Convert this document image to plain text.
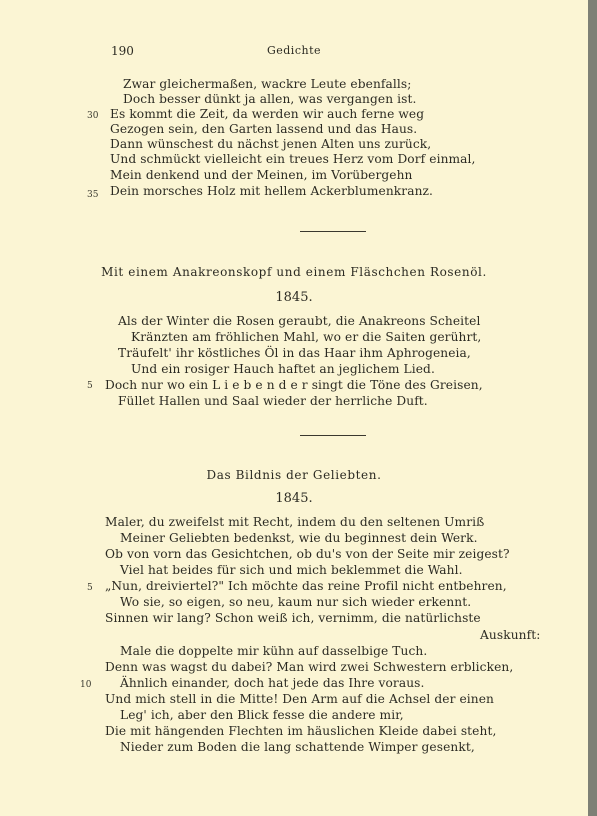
190	Gedichte
Zwar gleichermaßen, wackre Leute ebenfalls;
Doch besser dünkt ja allen, was vergangen ist.
30 Es kommt die Zeit, da werden wir auch ferne weg
Gezogen sein, den Garten lassend und das Haus.
Dann wünschest du nächst jenen Alten uns zurück,
Und schmückt vielleicht ein treues Herz vom Dorf einmal,
Mein denkend und der Meinen, im Vorübergehn
35 Dein morsches Holz mit hellem Ackerblumenkranz.
Mit einem Anakreonskopf und einem Fläschchen Rosenöl.
1845.
Als der Winter die Rosen geraubt, die Anakreons Scheitel
Kränzten am fröhlichen Mahl, wo er die Saiten gerührt,
Träufelt' ihr köstliches Öl in das Haar ihm Aphrogeneia,
Und ein rosiger Hauch haftet an jeglichem Lied.
5 Doch nur wo ein L i e b e n d e r singt die Töne des Greisen,
Füllet Hallen und Saal wieder der herrliche Duft.
Das Bildnis der Geliebten.
1845.
Maler, du zweifelst mit Recht, indem du den seltenen Umriß
Meiner Geliebten bedenkst, wie du beginnest dein Werk.
Ob von vorn das Gesichtchen, ob du's von der Seite mir zeigest?
Viel hat beides für sich und mich beklemmet die Wahl.
5 „Nun, dreiviertel?" Ich möchte das reine Profil nicht entbehren,
Wo sie, so eigen, so neu, kaum nur sich wieder erkennt.
Sinnen wir lang? Schon weiß ich, vernimm, die natürlichste
Auskunft:
Male die doppelte mir kühn auf dasselbige Tuch.
Denn was wagst du dabei? Man wird zwei Schwestern erblicken,
10 Ähnlich einander, doch hat jede das Ihre voraus.
Und mich stell in die Mitte! Den Arm auf die Achsel der einen
Leg' ich, aber den Blick fesse die andere mir,
Die mit hängenden Flechten im häuslichen Kleide dabei steht,
Nieder zum Boden die lang schattende Wimper gesenkt,
